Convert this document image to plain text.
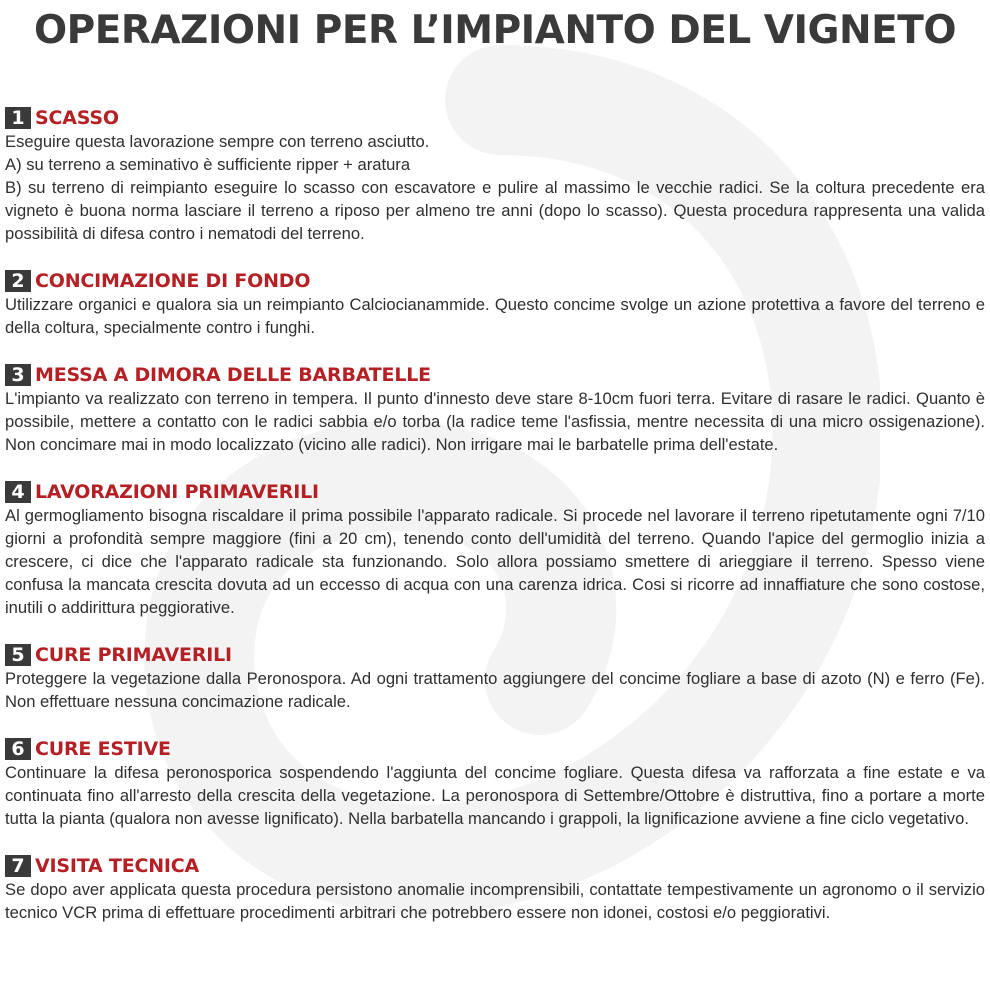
OPERAZIONI PER L’IMPIANTO DEL VIGNETO
1 SCASSO

Eseguire questa lavorazione sempre con terreno asciutto.
A) su terreno a seminativo è sufficiente ripper + aratura
B) su terreno di reimpianto eseguire lo scasso con escavatore e pulire al massimo le vecchie radici. Se la coltura precedente era vigneto è buona norma lasciare il terreno a riposo per almeno tre anni (dopo lo scasso). Questa procedura rappresenta una valida possibilità di difesa contro i nematodi del terreno.

2 CONCIMAZIONE DI FONDO

Utilizzare organici e qualora sia un reimpianto Calciocianammide. Questo concime svolge un azione protettiva a favore del terreno e della coltura, specialmente contro i funghi.

3 MESSA A DIMORA DELLE BARBATELLE

L'impianto va realizzato con terreno in tempera. Il punto d'innesto deve stare 8-10cm fuori terra. Evitare di rasare le radici. Quanto è possibile, mettere a contatto con le radici sabbia e/o torba (la radice teme l'asfissia, mentre necessita di una micro ossigenazione). Non concimare mai in modo localizzato (vicino alle radici). Non irrigare mai le barbatelle prima dell'estate.

4 LAVORAZIONI PRIMAVERILI

Al germogliamento bisogna riscaldare il prima possibile l'apparato radicale. Si procede nel lavorare il terreno ripetutamente ogni 7/10 giorni a profondità sempre maggiore (fini a 20 cm), tenendo conto dell'umidità del terreno. Quando l'apice del germoglio inizia a crescere, ci dice che l'apparato radicale sta funzionando. Solo allora possiamo smettere di arieggiare il terreno. Spesso viene confusa la mancata crescita dovuta ad un eccesso di acqua con una carenza idrica. Cosi si ricorre ad innaffiature che sono costose, inutili o addirittura peggiorative.

5 CURE PRIMAVERILI

Proteggere la vegetazione dalla Peronospora. Ad ogni trattamento aggiungere del concime fogliare a base di azoto (N) e ferro (Fe). Non effettuare nessuna concimazione radicale.

6 CURE ESTIVE

Continuare la difesa peronosporica sospendendo l'aggiunta del concime fogliare. Questa difesa va rafforzata a fine estate e va continuata fino all'arresto della crescita della vegetazione. La peronospora di Settembre/Ottobre è distruttiva, fino a portare a morte tutta la pianta (qualora non avesse lignificato). Nella barbatella mancando i grappoli, la lignificazione avviene a fine ciclo vegetativo.

7 VISITA TECNICA

Se dopo aver applicata questa procedura persistono anomalie incomprensibili, contattate tempestivamente un agronomo o il servizio tecnico VCR prima di effettuare procedimenti arbitrari che potrebbero essere non idonei, costosi e/o peggiorativi.
